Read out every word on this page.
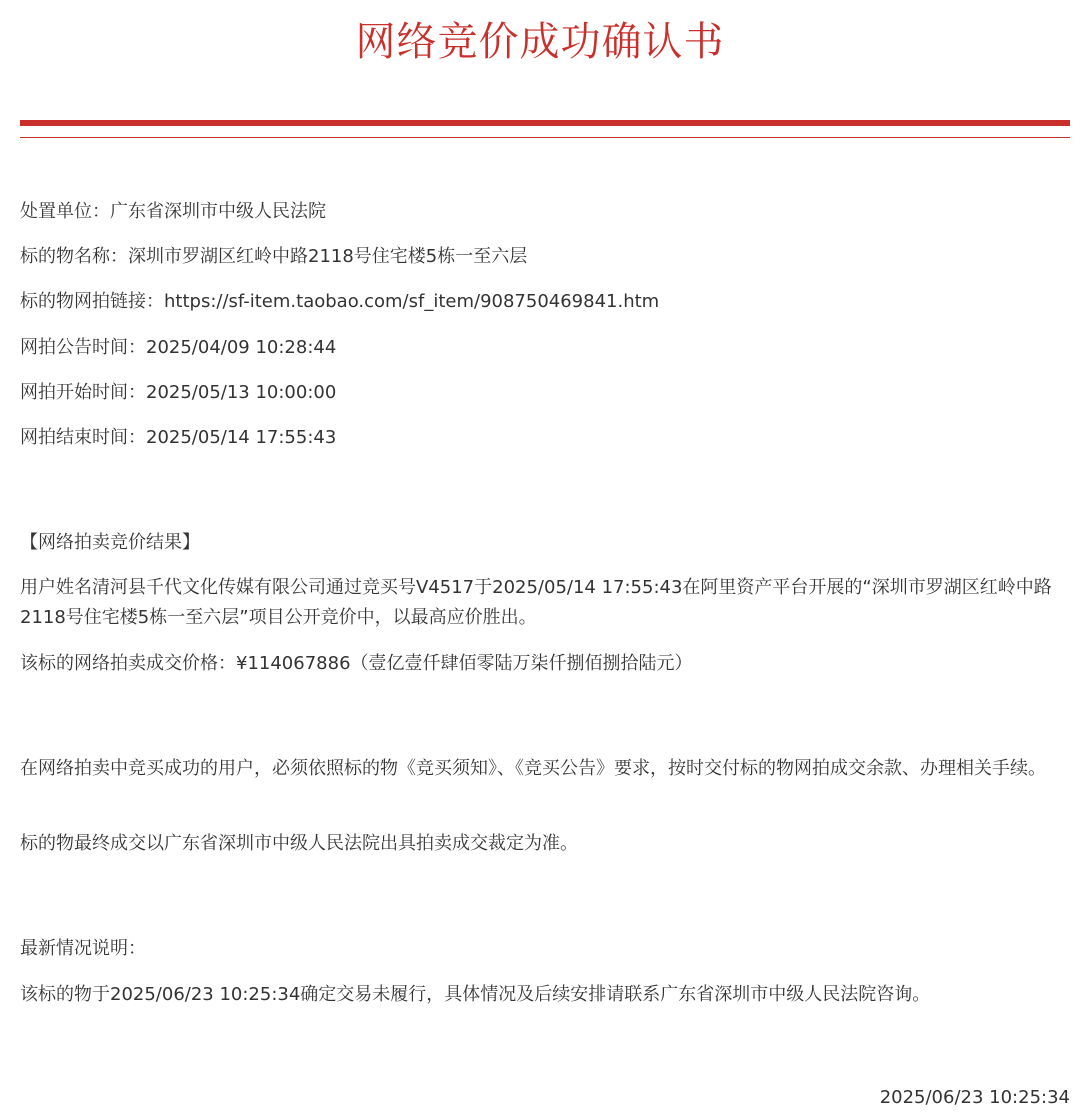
网络竞价成功确认书
处置单位：广东省深圳市中级人民法院
标的物名称：深圳市罗湖区红岭中路2118号住宅楼5栋一至六层
标的物网拍链接：https://sf-item.taobao.com/sf_item/908750469841.htm
网拍公告时间：2025/04/09 10:28:44
网拍开始时间：2025/05/13 10:00:00
网拍结束时间：2025/05/14 17:55:43
【网络拍卖竞价结果】
用户姓名清河县千代文化传媒有限公司通过竞买号V4517于2025/05/14 17:55:43在阿里资产平台开展的“深圳市罗湖区红岭中路2118号住宅楼5栋一至六层”项目公开竞价中，以最高应价胜出。
该标的网络拍卖成交价格：¥114067886（壹亿壹仟肆佰零陆万柒仟捌佰捌拾陆元）
在网络拍卖中竞买成功的用户，必须依照标的物《竞买须知》、《竞买公告》要求，按时交付标的物网拍成交余款、办理相关手续。
标的物最终成交以广东省深圳市中级人民法院出具拍卖成交裁定为准。
最新情况说明：
该标的物于2025/06/23 10:25:34确定交易未履行，具体情况及后续安排请联系广东省深圳市中级人民法院咨询。
2025/06/23 10:25:34
